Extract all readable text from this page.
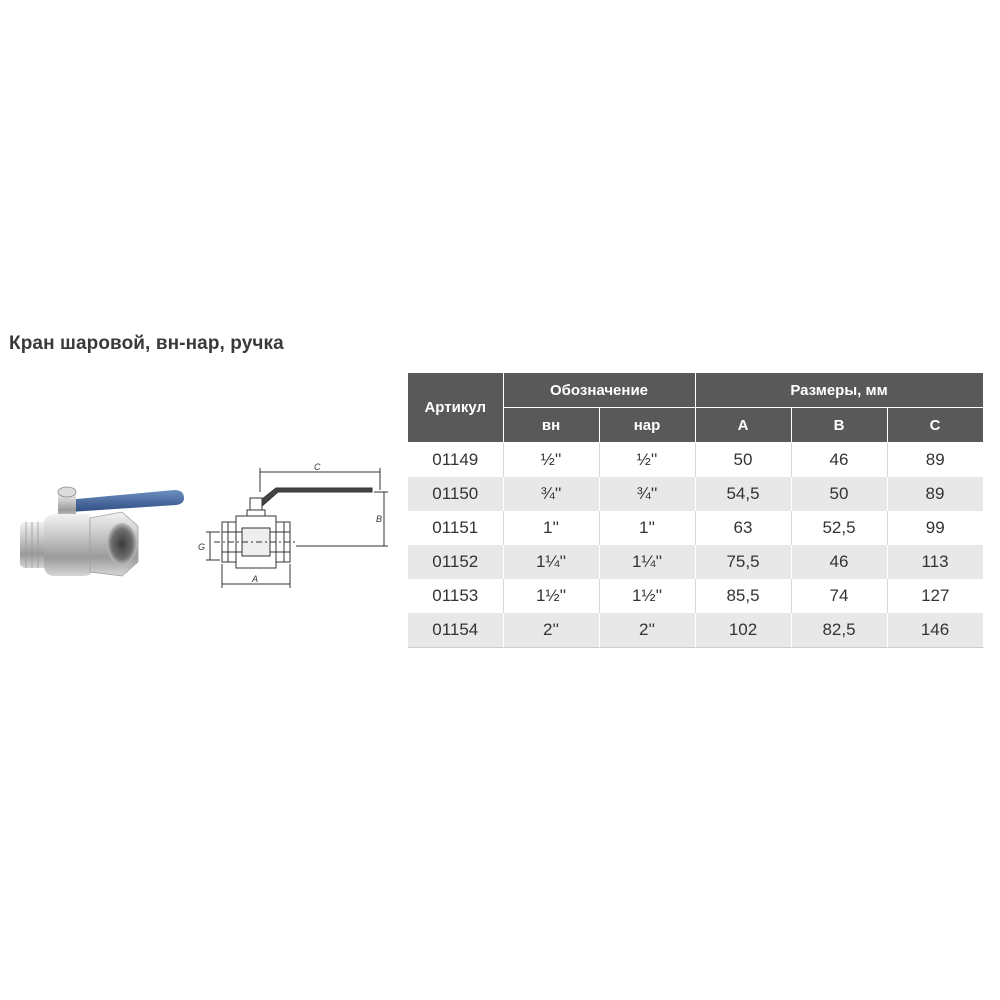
Кран шаровой, вн-нар, ручка
C
B
A
G
Артикул	Обозначение		Размеры, мм		
	вн	нар	A	B	C
01149	½''	½''	50	46	89
01150	¾''	¾''	54,5	50	89
01151	1''	1''	63	52,5	99
01152	1¼''	1¼''	75,5	46	113
01153	1½''	1½''	85,5	74	127
01154	2''	2''	102	82,5	146
